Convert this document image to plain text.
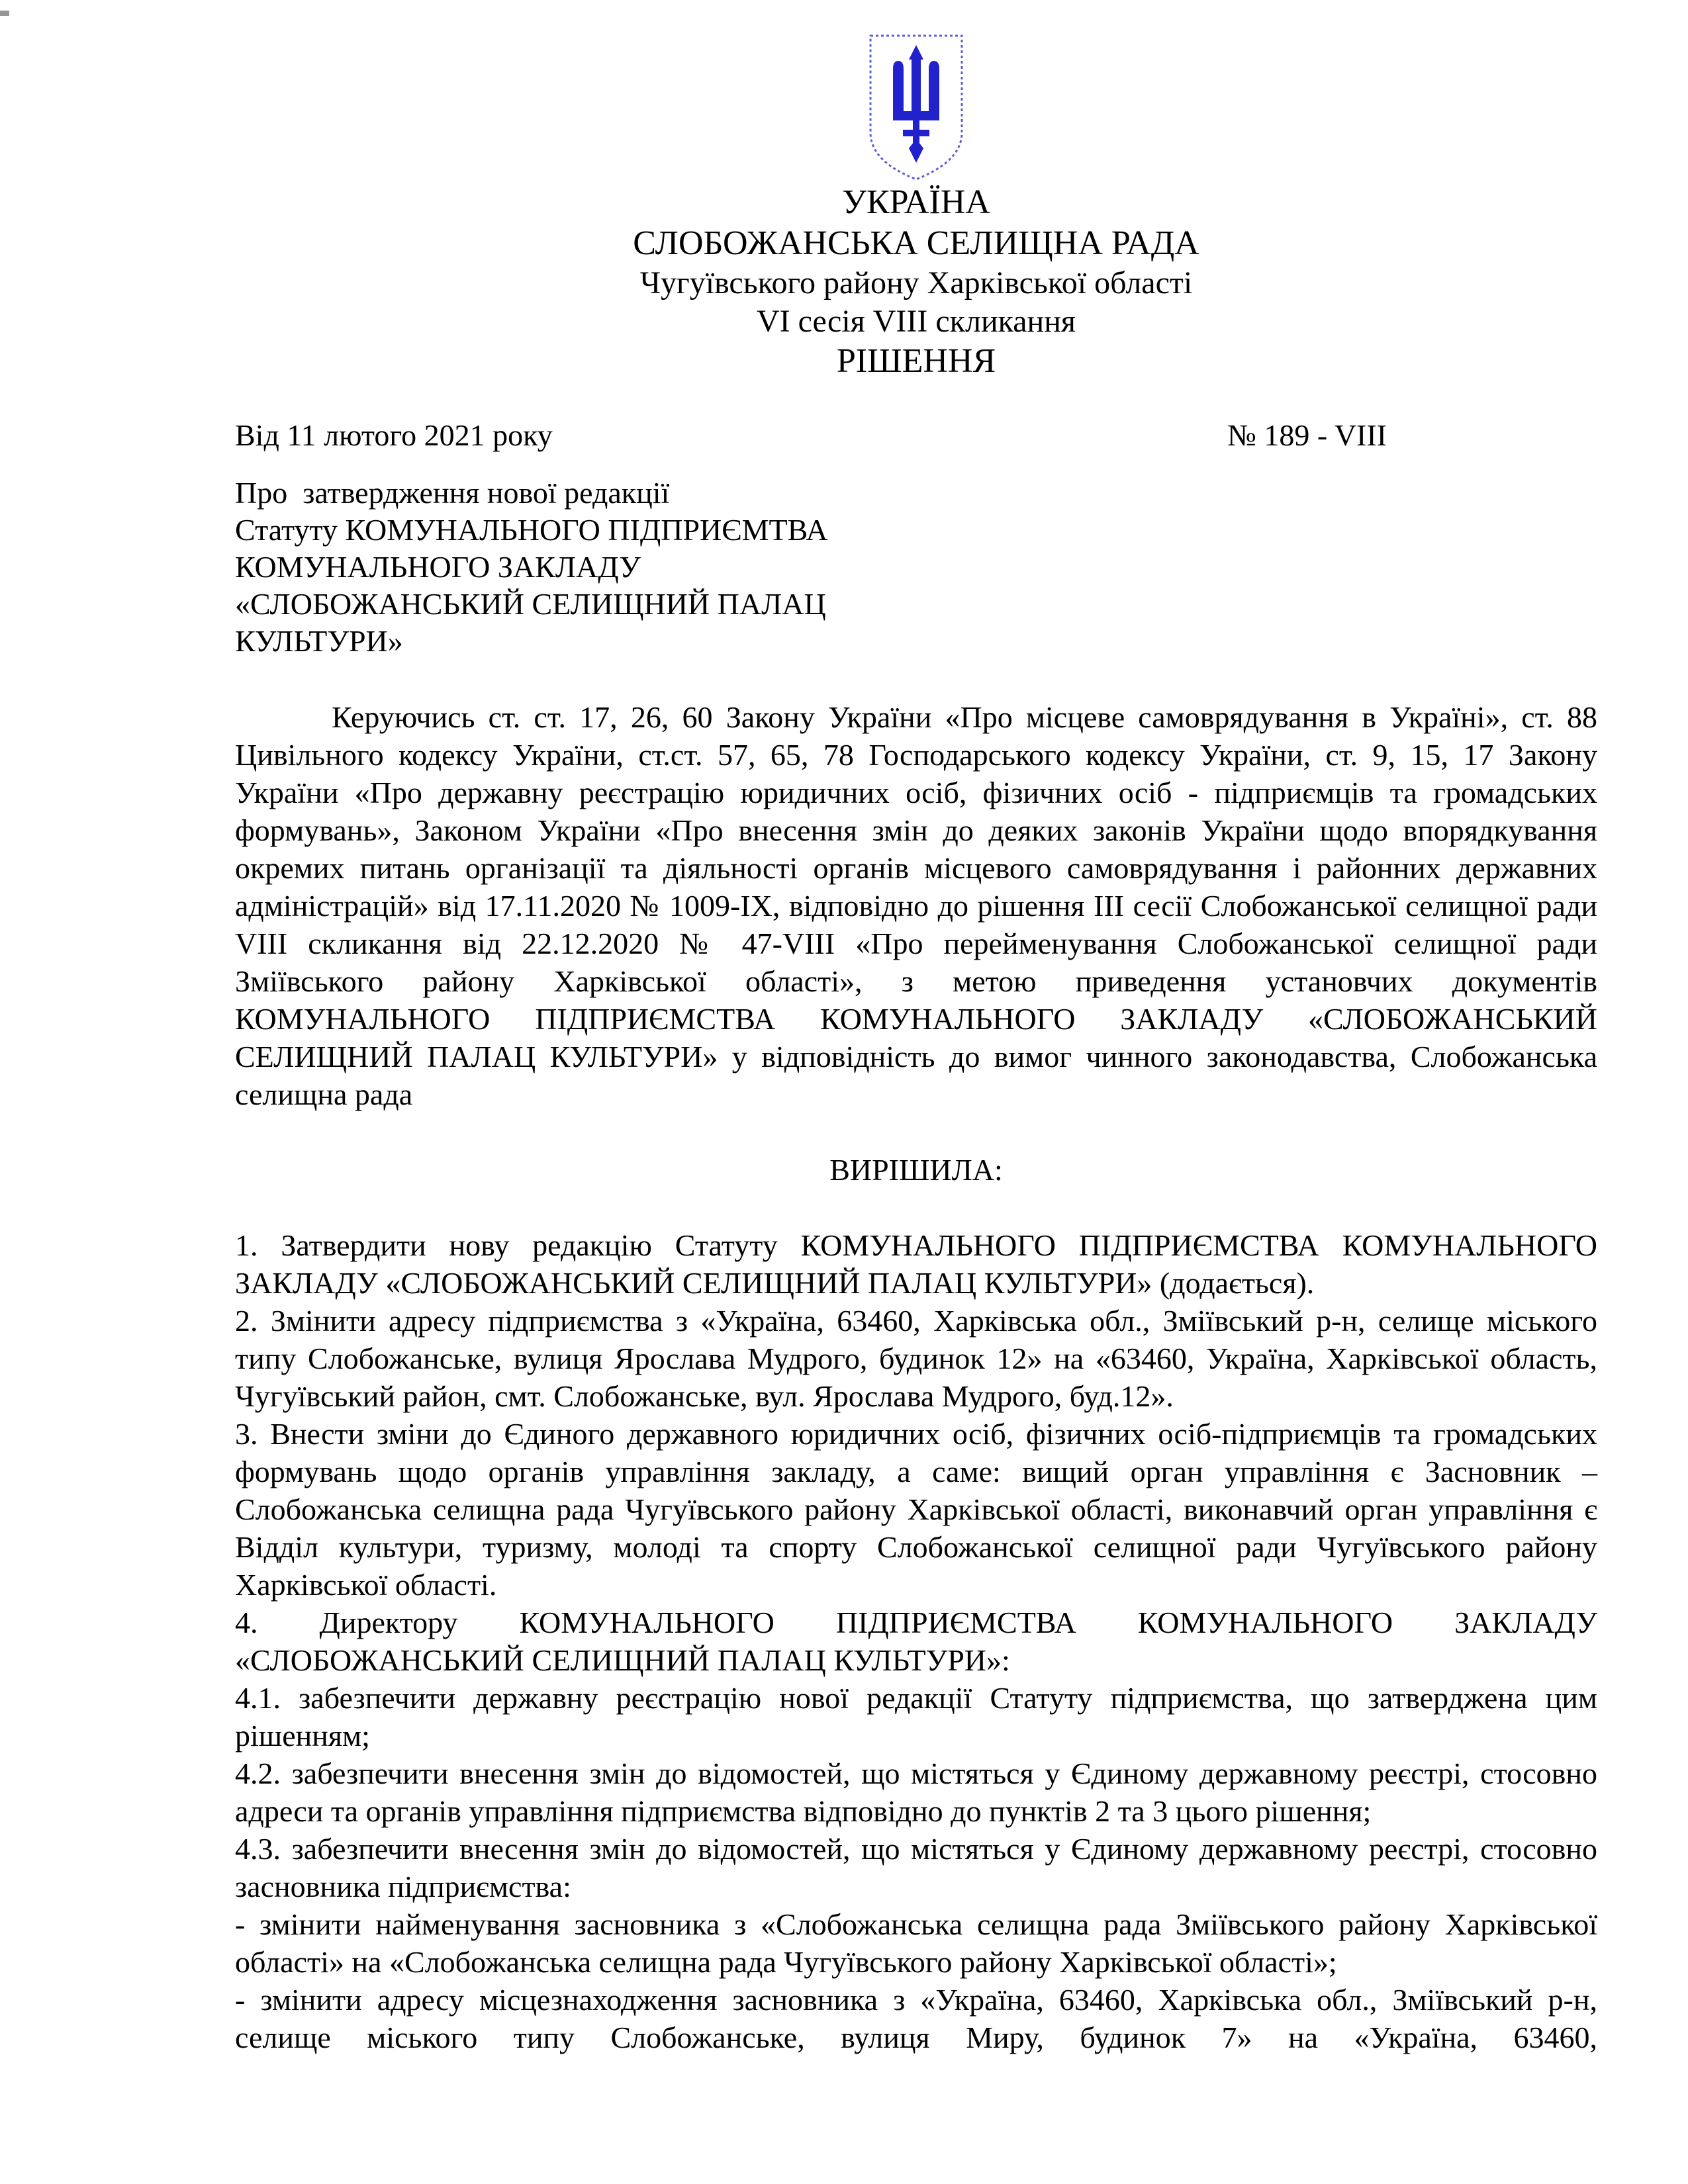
УКРАЇНА
СЛОБОЖАНСЬКА СЕЛИЩНА РАДА
Чугуївського району Харківської області
VI сесія VIII скликання
РІШЕННЯ
Від 11 лютого 2021 року	№ 189 - VIII
Про  затвердження нової редакції
Статуту КОМУНАЛЬНОГО ПІДПРИЄМТВА
КОМУНАЛЬНОГО ЗАКЛАДУ
«СЛОБОЖАНСЬКИЙ СЕЛИЩНИЙ ПАЛАЦ
КУЛЬТУРИ»

Керуючись ст. ст. 17, 26, 60 Закону України «Про місцеве самоврядування в Україні», ст. 88 Цивільного кодексу України, ст.ст. 57, 65, 78 Господарського кодексу України, ст. 9, 15, 17 Закону України «Про державну реєстрацію юридичних осіб, фізичних осіб - підприємців та громадських формувань», Законом України «Про внесення змін до деяких законів України щодо впорядкування окремих питань організації та діяльності органів місцевого самоврядування і районних державних адміністрацій» від 17.11.2020 № 1009-ІХ, відповідно до рішення ІІІ сесії Слобожанської селищної ради VIII скликання від 22.12.2020 № 47-VIII «Про перейменування Слобожанської селищної ради Зміївського району Харківської області», з метою приведення установчих документів КОМУНАЛЬНОГО ПІДПРИЄМСТВА КОМУНАЛЬНОГО ЗАКЛАДУ «СЛОБОЖАНСЬКИЙ СЕЛИЩНИЙ ПАЛАЦ КУЛЬТУРИ» у відповідність до вимог чинного законодавства, Слобожанська селищна рада

ВИРІШИЛА:

1. Затвердити нову редакцію Статуту КОМУНАЛЬНОГО ПІДПРИЄМСТВА КОМУНАЛЬНОГО ЗАКЛАДУ «СЛОБОЖАНСЬКИЙ СЕЛИЩНИЙ ПАЛАЦ КУЛЬТУРИ» (додається).

2. Змінити адресу підприємства з «Україна, 63460, Харківська обл., Зміївський р-н, селище міського типу Слобожанське, вулиця Ярослава Мудрого, будинок 12» на «63460, Україна, Харківської область, Чугуївський район, смт. Слобожанське, вул. Ярослава Мудрого, буд.12».

3. Внести зміни до Єдиного державного юридичних осіб, фізичних осіб-підприємців та громадських формувань щодо органів управління закладу, а саме: вищий орган управління є Засновник – Слобожанська селищна рада Чугуївського району Харківської області, виконавчий орган управління є Відділ культури, туризму, молоді та спорту Слобожанської селищної ради Чугуївського району Харківської області.

4. Директору КОМУНАЛЬНОГО ПІДПРИЄМСТВА КОМУНАЛЬНОГО ЗАКЛАДУ «СЛОБОЖАНСЬКИЙ СЕЛИЩНИЙ ПАЛАЦ КУЛЬТУРИ»:

4.1. забезпечити державну реєстрацію нової редакції Статуту підприємства, що затверджена цим рішенням;

4.2. забезпечити внесення змін до відомостей, що містяться у Єдиному державному реєстрі, стосовно адреси та органів управління підприємства відповідно до пунктів 2 та 3 цього рішення;

4.3. забезпечити внесення змін до відомостей, що містяться у Єдиному державному реєстрі, стосовно засновника підприємства:

- змінити найменування засновника з «Слобожанська селищна рада Зміївського району Харківської області» на «Слобожанська селищна рада Чугуївського району Харківської області»;

- змінити адресу місцезнаходження засновника з «Україна, 63460, Харківська обл., Зміївський р-н, селище міського типу Слобожанське, вулиця Миру, будинок 7» на «Україна, 63460,
